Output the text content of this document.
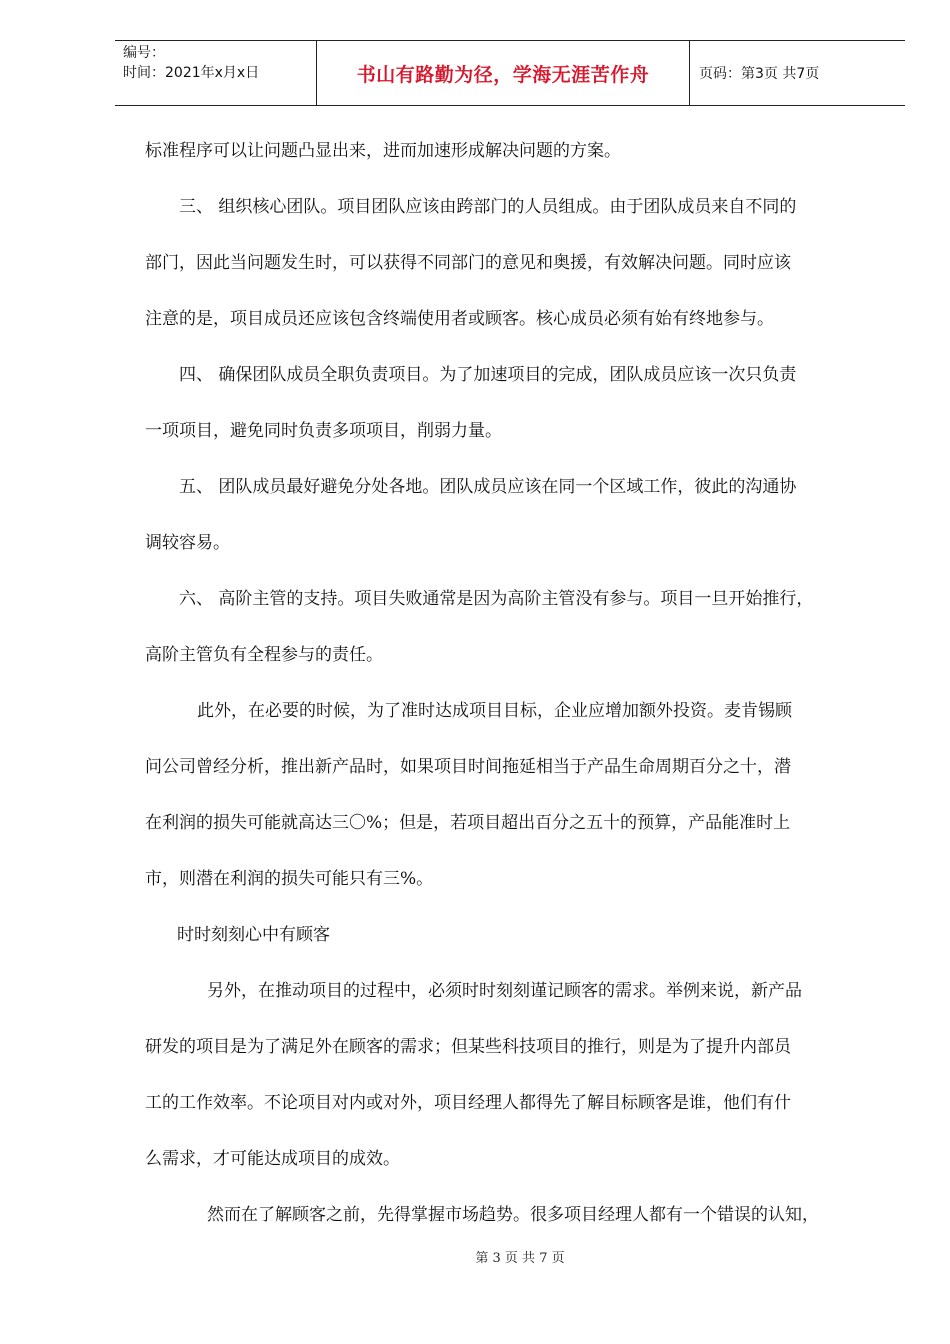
编号：
时间：2021年x月x日	书山有路勤为径，学海无涯苦作舟	页码：第3页 共7页
标准程序可以让问题凸显出来，进而加速形成解决问题的方案。
三、 组织核心团队。项目团队应该由跨部门的人员组成。由于团队成员来自不同的
部门，因此当问题发生时，可以获得不同部门的意见和奥援，有效解决问题。同时应该
注意的是，项目成员还应该包含终端使用者或顾客。核心成员必须有始有终地参与。
四、 确保团队成员全职负责项目。为了加速项目的完成，团队成员应该一次只负责
一项项目，避免同时负责多项项目，削弱力量。
五、 团队成员最好避免分处各地。团队成员应该在同一个区域工作，彼此的沟通协
调较容易。
六、 高阶主管的支持。项目失败通常是因为高阶主管没有参与。项目一旦开始推行，
高阶主管负有全程参与的责任。
此外，在必要的时候，为了准时达成项目目标，企业应增加额外投资。麦肯锡顾
问公司曾经分析，推出新产品时，如果项目时间拖延相当于产品生命周期百分之十，潜
在利润的损失可能就高达三〇%；但是，若项目超出百分之五十的预算，产品能准时上
市，则潜在利润的损失可能只有三%。
时时刻刻心中有顾客
另外，在推动项目的过程中，必须时时刻刻谨记顾客的需求。举例来说，新产品
研发的项目是为了满足外在顾客的需求；但某些科技项目的推行，则是为了提升内部员
工的工作效率。不论项目对内或对外，项目经理人都得先了解目标顾客是谁，他们有什
么需求，才可能达成项目的成效。
然而在了解顾客之前，先得掌握市场趋势。很多项目经理人都有一个错误的认知，
第 3 页 共 7 页
